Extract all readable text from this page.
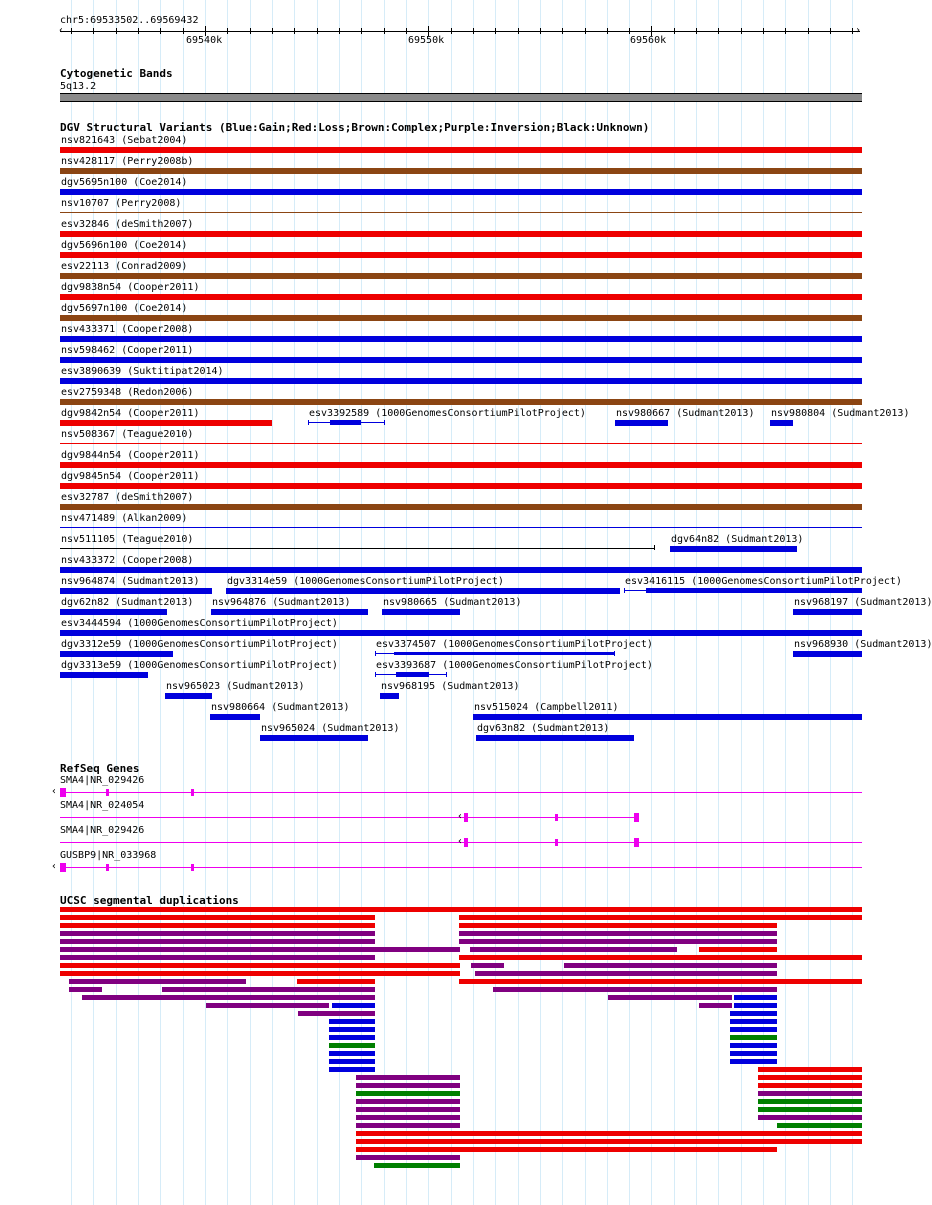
chr5:69533502..69569432
‹	›
69540k	69550k	69560k
Cytogenetic Bands
5q13.2
DGV Structural Variants (Blue:Gain;Red:Loss;Brown:Complex;Purple:Inversion;Black:Unknown)
RefSeq Genes
UCSC segmental duplications
nsv821643 (Sebat2004)
nsv428117 (Perry2008b)
dgv5695n100 (Coe2014)
nsv10707 (Perry2008)
esv32846 (deSmith2007)
dgv5696n100 (Coe2014)
esv22113 (Conrad2009)
dgv9838n54 (Cooper2011)
dgv5697n100 (Coe2014)
nsv433371 (Cooper2008)
nsv598462 (Cooper2011)
esv3890639 (Suktitipat2014)
esv2759348 (Redon2006)
dgv9842n54 (Cooper2011)	esv3392589 (1000GenomesConsortiumPilotProject)	nsv980667 (Sudmant2013) nsv980804 (Sudmant2013)
nsv508367 (Teague2010)
dgv9844n54 (Cooper2011)
dgv9845n54 (Cooper2011)
esv32787 (deSmith2007)
nsv471489 (Alkan2009)
nsv511105 (Teague2010)	dgv64n82 (Sudmant2013)
nsv433372 (Cooper2008)
nsv964874 (Sudmant2013)	dgv3314e59 (1000GenomesConsortiumPilotProject)	esv3416115 (1000GenomesConsortiumPilotProject)
dgv62n82 (Sudmant2013) nsv964876 (Sudmant2013)	nsv980665 (Sudmant2013)	nsv968197 (Sudmant2013)
esv3444594 (1000GenomesConsortiumPilotProject)
dgv3312e59 (1000GenomesConsortiumPilotProject)	esv3374507 (1000GenomesConsortiumPilotProject)	nsv968930 (Sudmant2013)
dgv3313e59 (1000GenomesConsortiumPilotProject)	esv3393687 (1000GenomesConsortiumPilotProject)
nsv965023 (Sudmant2013)	nsv968195 (Sudmant2013)
nsv980664 (Sudmant2013)	nsv515024 (Campbell2011)
nsv965024 (Sudmant2013)	dgv63n82 (Sudmant2013)
SMA4|NR_029426
‹
SMA4|NR_024054
‹
SMA4|NR_029426
‹
GUSBP9|NR_033968
‹
